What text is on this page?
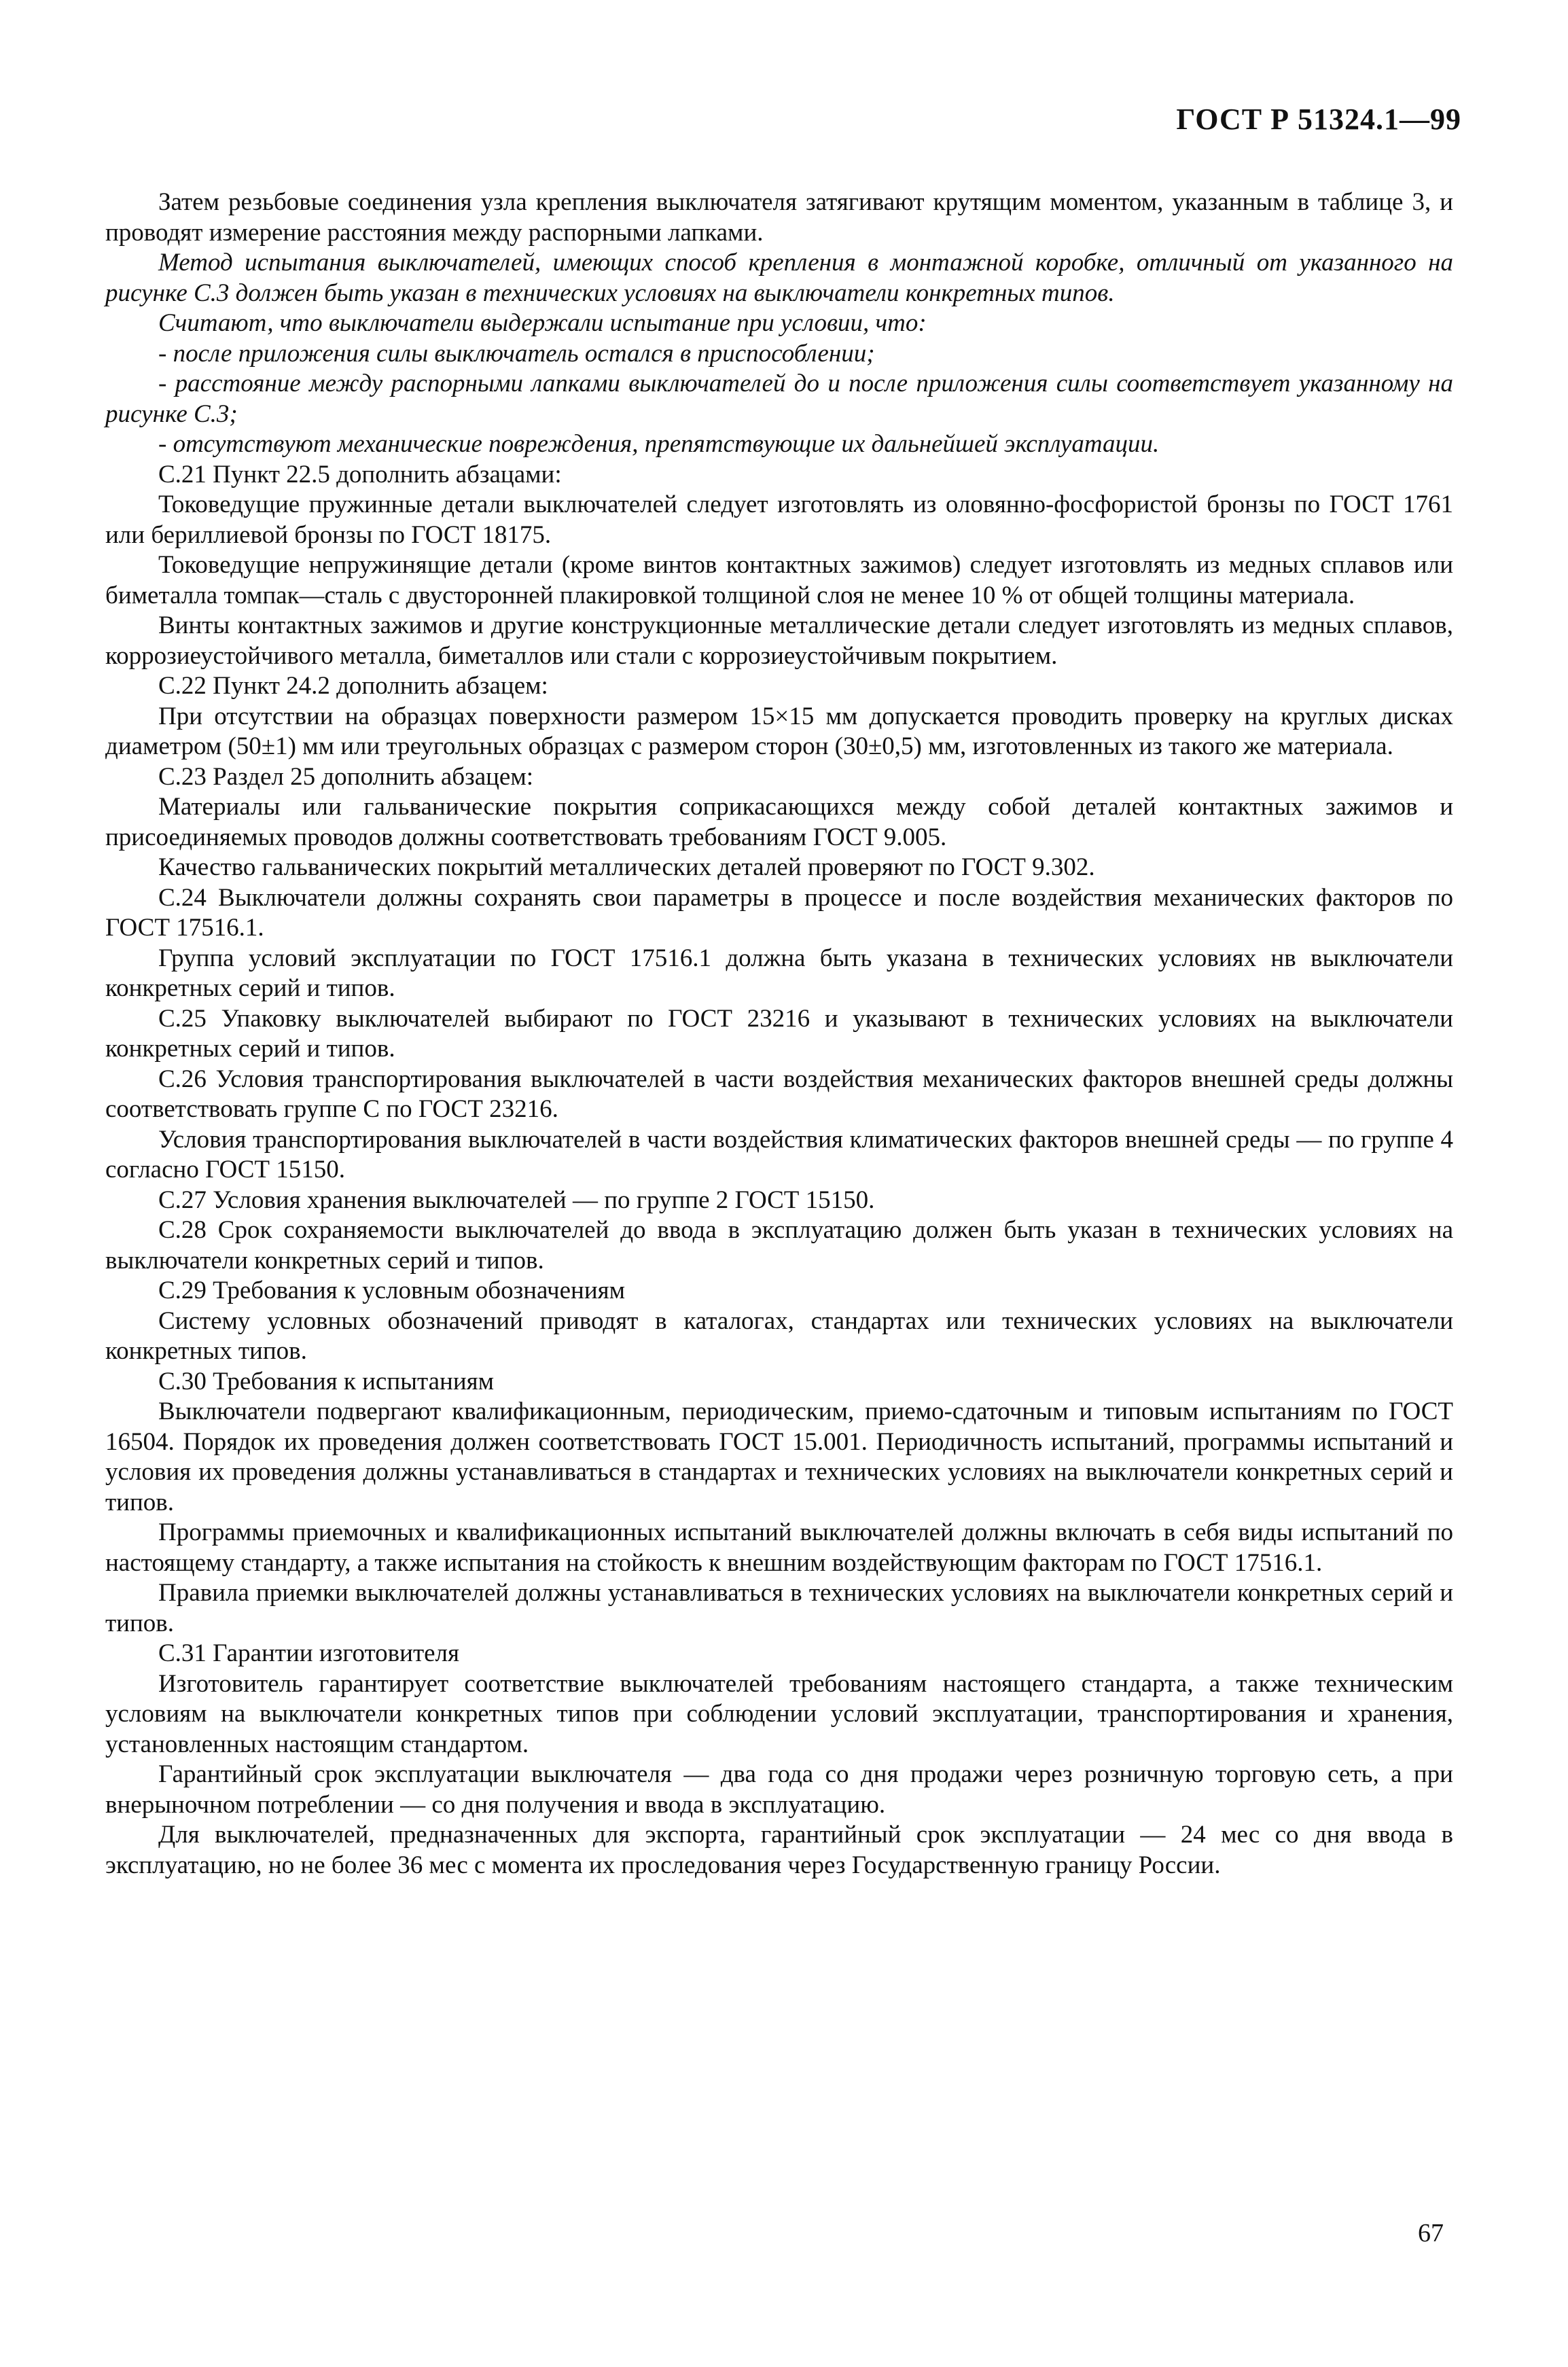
ГОСТ Р 51324.1—99

Затем резьбовые соединения узла крепления выключателя затягивают крутящим моментом, указанным в таблице 3, и проводят измерение расстояния между распорными лапками.

Метод испытания выключателей, имеющих способ крепления в монтажной коробке, отличный от указанного на рисунке С.3 должен быть указан в технических условиях на выключатели конкретных типов.

Считают, что выключатели выдержали испытание при условии, что:

- после приложения силы выключатель остался в приспособлении;

- расстояние между распорными лапками выключателей до и после приложения силы соответствует указанному на рисунке С.3;

- отсутствуют механические повреждения, препятствующие их дальнейшей эксплуатации.

С.21 Пункт 22.5 дополнить абзацами:

Токоведущие пружинные детали выключателей следует изготовлять из оловянно-фосфористой бронзы по ГОСТ 1761 или бериллиевой бронзы по ГОСТ 18175.

Токоведущие непружинящие детали (кроме винтов контактных зажимов) следует изготовлять из медных сплавов или биметалла томпак—сталь с двусторонней плакировкой толщиной слоя не менее 10 % от общей толщины материала.

Винты контактных зажимов и другие конструкционные металлические детали следует изготовлять из медных сплавов, коррозиеустойчивого металла, биметаллов или стали с коррозиеустойчивым покрытием.

С.22 Пункт 24.2 дополнить абзацем:

При отсутствии на образцах поверхности размером 15×15 мм допускается проводить проверку на круглых дисках диаметром (50±1) мм или треугольных образцах с размером сторон (30±0,5) мм, изготовленных из такого же материала.

С.23 Раздел 25 дополнить абзацем:

Материалы или гальванические покрытия соприкасающихся между собой деталей контактных зажимов и присоединяемых проводов должны соответствовать требованиям ГОСТ 9.005.

Качество гальванических покрытий металлических деталей проверяют по ГОСТ 9.302.

С.24 Выключатели должны сохранять свои параметры в процессе и после воздействия механических факторов по ГОСТ 17516.1.

Группа условий эксплуатации по ГОСТ 17516.1 должна быть указана в технических условиях нв выключатели конкретных серий и типов.

С.25 Упаковку выключателей выбирают по ГОСТ 23216 и указывают в технических условиях на выключатели конкретных серий и типов.

С.26 Условия транспортирования выключателей в части воздействия механических факторов внешней среды должны соответствовать группе С по ГОСТ 23216.

Условия транспортирования выключателей в части воздействия климатических факторов внешней среды — по группе 4 согласно ГОСТ 15150.

С.27 Условия хранения выключателей — по группе 2 ГОСТ 15150.

С.28 Срок сохраняемости выключателей до ввода в эксплуатацию должен быть указан в технических условиях на выключатели конкретных серий и типов.

С.29 Требования к условным обозначениям

Систему условных обозначений приводят в каталогах, стандартах или технических условиях на выключатели конкретных типов.

С.30 Требования к испытаниям

Выключатели подвергают квалификационным, периодическим, приемо-сдаточным и типовым испытаниям по ГОСТ 16504. Порядок их проведения должен соответствовать ГОСТ 15.001. Периодичность испытаний, программы испытаний и условия их проведения должны устанавливаться в стандартах и технических условиях на выключатели конкретных серий и типов.

Программы приемочных и квалификационных испытаний выключателей должны включать в себя виды испытаний по настоящему стандарту, а также испытания на стойкость к внешним воздействующим факторам по ГОСТ 17516.1.

Правила приемки выключателей должны устанавливаться в технических условиях на выключатели конкретных серий и типов.

С.31 Гарантии изготовителя

Изготовитель гарантирует соответствие выключателей требованиям настоящего стандарта, а также техническим условиям на выключатели конкретных типов при соблюдении условий эксплуатации, транспортирования и хранения, установленных настоящим стандартом.

Гарантийный срок эксплуатации выключателя — два года со дня продажи через розничную торговую сеть, а при внерыночном потреблении — со дня получения и ввода в эксплуатацию.

Для выключателей, предназначенных для экспорта, гарантийный срок эксплуатации — 24 мес со дня ввода в эксплуатацию, но не более 36 мес с момента их проследования через Государственную границу России.

67
